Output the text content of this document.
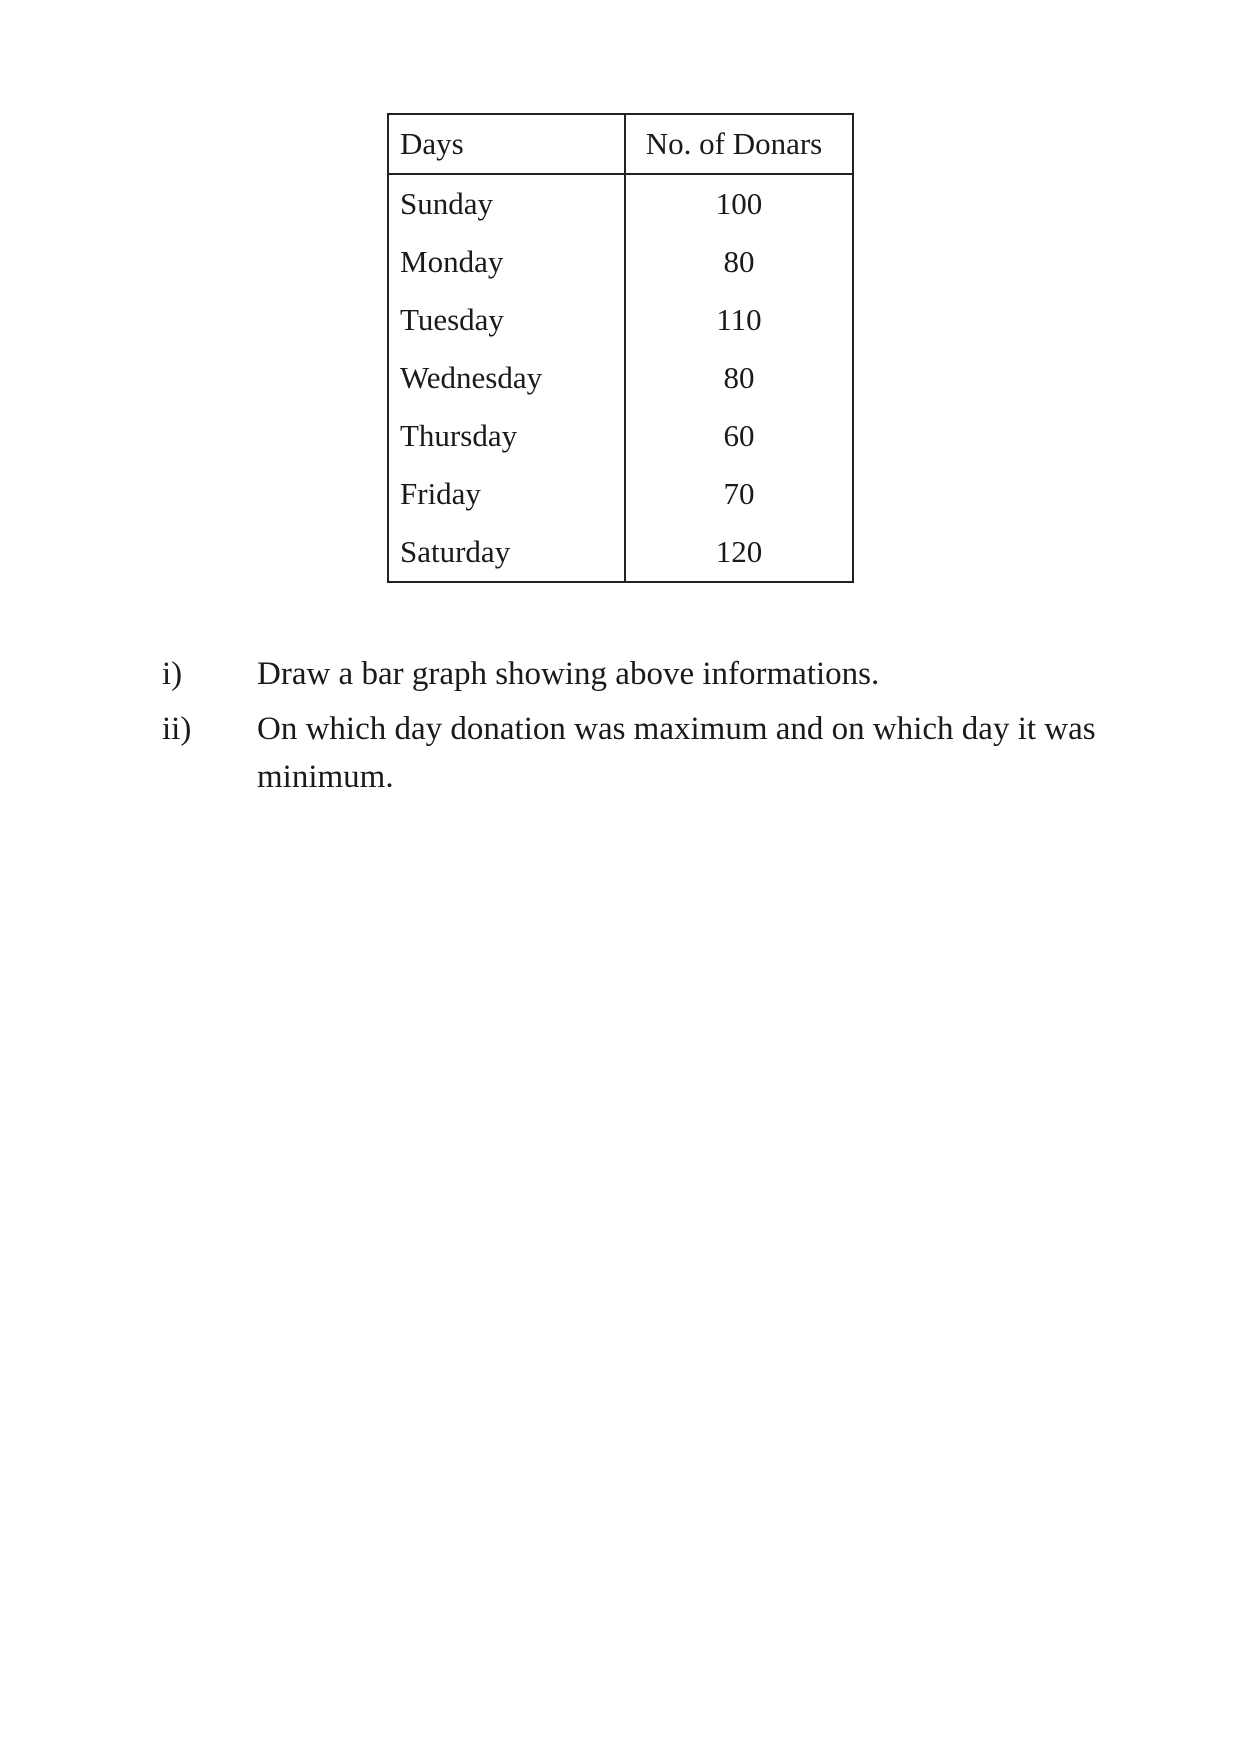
Days	No. of Donars
Sunday	100
Monday	80
Tuesday	110
Wednesday	80
Thursday	60
Friday	70
Saturday	120
i)	Draw a bar graph showing above informations.
ii)	On which day donation was maximum and on which day it was minimum.
